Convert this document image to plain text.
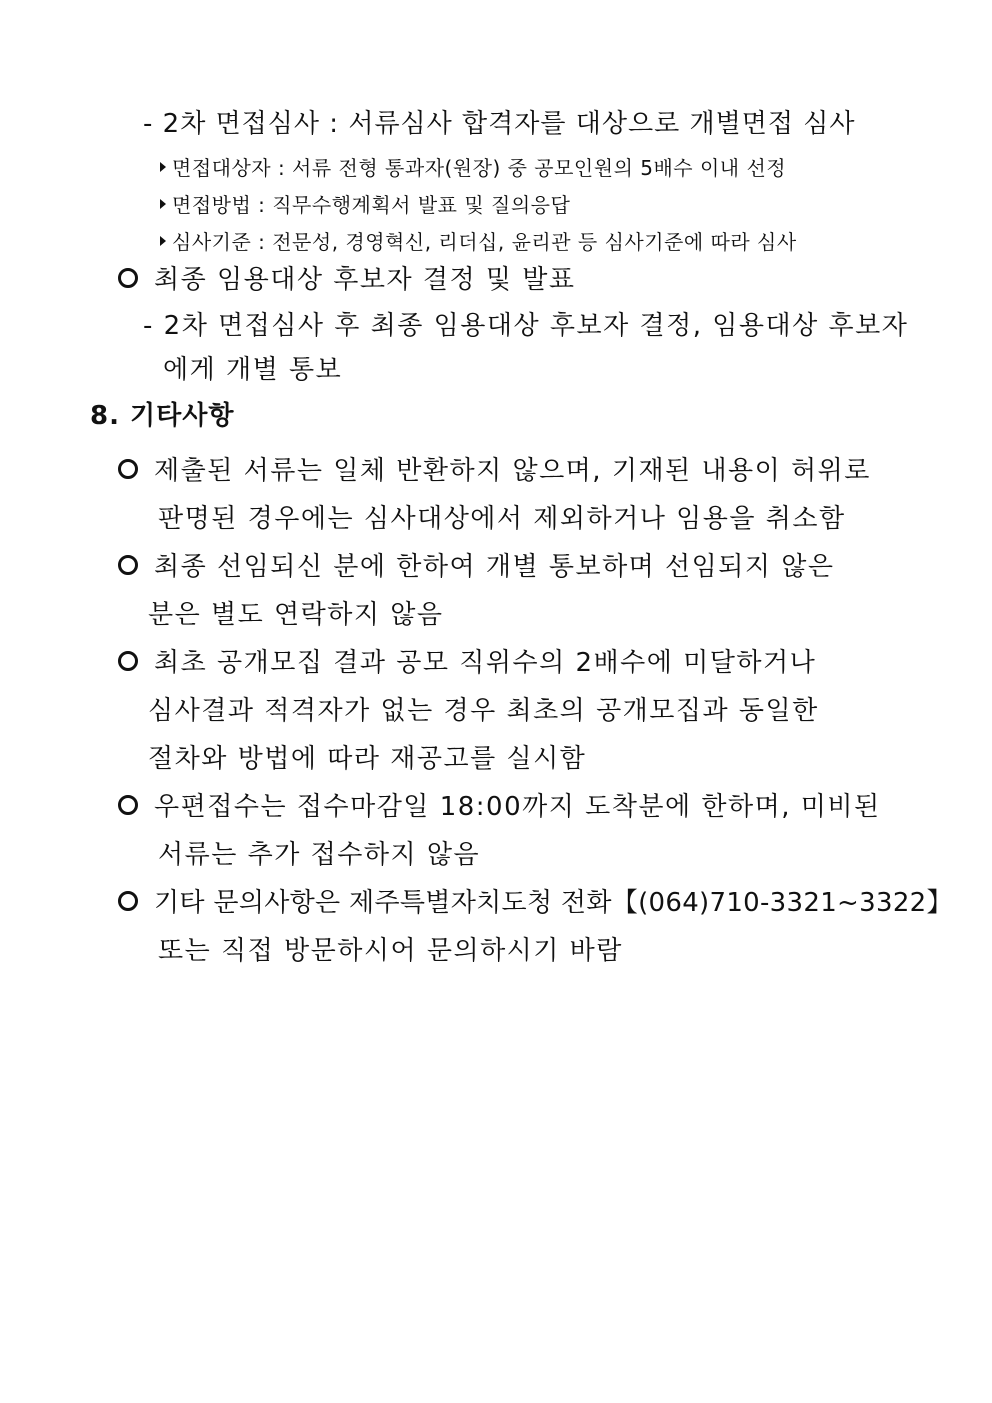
- 2차 면접심사 : 서류심사 합격자를 대상으로 개별면접 심사
면접대상자 : 서류 전형 통과자(원장) 중 공모인원의 5배수 이내 선정
면접방법 : 직무수행계획서 발표 및 질의응답
심사기준 : 전문성, 경영혁신, 리더십, 윤리관 등 심사기준에 따라 심사
최종 임용대상 후보자 결정 및 발표
- 2차 면접심사 후 최종 임용대상 후보자 결정, 임용대상 후보자
에게 개별 통보
8. 기타사항
제출된 서류는 일체 반환하지 않으며, 기재된 내용이 허위로
판명된 경우에는 심사대상에서 제외하거나 임용을 취소함
최종 선임되신 분에 한하여 개별 통보하며 선임되지 않은
분은 별도 연락하지 않음
최초 공개모집 결과 공모 직위수의 2배수에 미달하거나
심사결과 적격자가 없는 경우 최초의 공개모집과 동일한
절차와 방법에 따라 재공고를 실시함
우편접수는 접수마감일 18:00까지 도착분에 한하며, 미비된
서류는 추가 접수하지 않음
기타 문의사항은 제주특별자치도청 전화【(064)710-3321~3322】
또는 직접 방문하시어 문의하시기 바람
